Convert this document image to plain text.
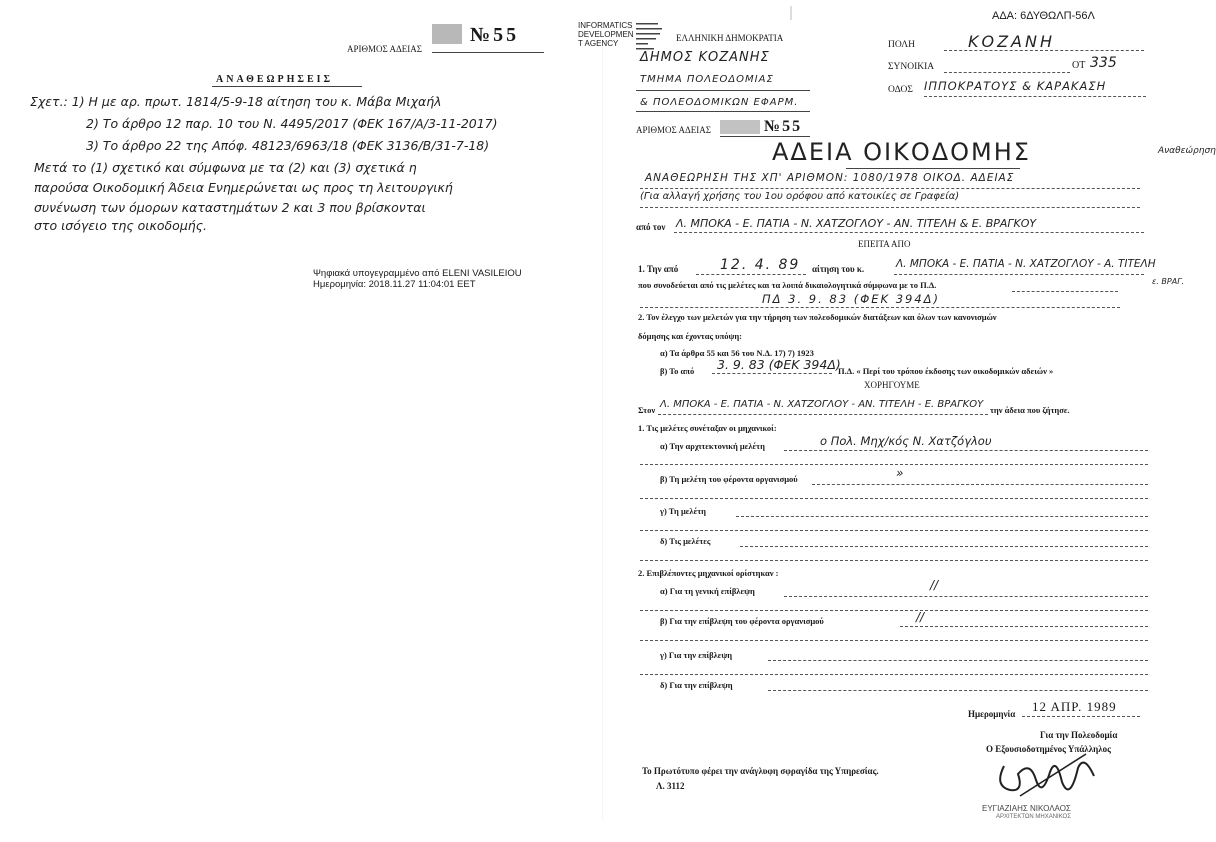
ΑΔΑ: 6ΔΥΘΩΛΠ-56Λ
ΑΡΙΘΜΟΣ ΑΔΕΙΑΣ
№55
ΑΝΑΘΕΩΡΗΣΕΙΣ
Σχετ.: 1) Η με αρ. πρωτ. 1814/5-9-18 αίτηση του κ. Μάβα Μιχαήλ
2) Το άρθρο 12 παρ. 10 του Ν. 4495/2017 (ΦΕΚ 167/Α/3-11-2017)
3) Το άρθρο 22 της Απόφ. 48123/6963/18 (ΦΕΚ 3136/Β/31-7-18)
Μετά το (1) σχετικό και σύμφωνα με τα (2) και (3) σχετικά η
παρούσα Οικοδομική Άδεια Ενημερώνεται ως προς τη λειτουργική
συνένωση των όμορων καταστημάτων 2 και 3 που βρίσκονται
στο ισόγειο της οικοδομής.
Ψηφιακά υπογεγραμμένο από ELENI VASILEIOU
Ημερομηνία: 2018.11.27 11:04:01 EET
INFORMATICS
DEVELOPMEN
T AGENCY
ΕΛΛΗΝΙΚΗ ΔΗΜΟΚΡΑΤΙΑ
ΔΗΜΟΣ ΚΟΖΑΝΗΣ
ΤΜΗΜΑ ΠΟΛΕΟΔΟΜΙΑΣ
& ΠΟΛΕΟΔΟΜΙΚΩΝ ΕΦΑΡΜ.
ΠΟΛΗ	ΚΟΖΑΝΗ
ΣΥΝΟΙΚΙΑ	ΟΤ 335
ΟΔΟΣ ΙΠΠΟΚΡΑΤΟΥΣ & ΚΑΡΑΚΑΣΗ
ΑΡΙΘΜΟΣ ΑΔΕΙΑΣ	№55
ΑΔΕΙΑ ΟΙΚΟΔΟΜΗΣ	Αναθεώρηση
ΑΝΑΘΕΩΡΗΣΗ ΤΗΣ ΧΠ' ΑΡΙΘΜΟΝ: 1080/1978 ΟΙΚΟΔ. ΑΔΕΙΑΣ
(Για αλλαγή χρήσης του 1ου ορόφου από κατοικίες σε Γραφεία)
από τον Λ. ΜΠΟΚΑ - Ε. ΠΑΤΙΑ - Ν. ΧΑΤΖΟΓΛΟΥ - ΑΝ. ΤΙΤΕΛΗ & Ε. ΒΡΑΓΚΟΥ
ΕΠΕΙΤΑ ΑΠΟ
1. Την από	12. 4. 89 αίτηση του κ.	Λ. ΜΠΟΚΑ - Ε. ΠΑΤΙΑ - Ν. ΧΑΤΖΟΓΛΟΥ - Α. ΤΙΤΕΛΗ
που συνοδεύεται από τις μελέτες και τα λοιπά δικαιολογητικά σύμφωνα με το Π.Δ.	ε. ΒΡΑΓ.
ΠΔ 3. 9. 83 (ΦΕΚ 394Δ)
2. Τον έλεγχο των μελετών για την τήρηση των πολεοδομικών διατάξεων και όλων των κανονισμών
δόμησης και έχοντας υπόψη:
α) Τα άρθρα 55 και 56 του Ν.Δ. 17) 7) 1923
β) Το από 3. 9. 83 (ΦΕΚ 394Δ)
Π.Δ. « Περί του τρόπου έκδοσης των οικοδομικών αδειών »
ΧΟΡΗΓΟΥΜΕ
Στον Λ. ΜΠΟΚΑ - Ε. ΠΑΤΙΑ - Ν. ΧΑΤΖΟΓΛΟΥ - ΑΝ. ΤΙΤΕΛΗ - Ε. ΒΡΑΓΚΟΥ την άδεια που ζήτησε.
1. Τις μελέτες συνέταξαν οι μηχανικοί:
α) Την αρχιτεκτονική μελέτη	ο Πολ. Μηχ/κός Ν. Χατζόγλου
β) Τη μελέτη του φέροντα οργανισμού	»
γ) Τη μελέτη
δ) Τις μελέτες
2. Επιβλέποντες μηχανικοί ορίστηκαν :
α) Για τη γενική επίβλεψη	//
β) Για την επίβλεψη του φέροντα οργανισμού	//
γ) Για την επίβλεψη
δ) Για την επίβλεψη
Ημερομηνία 12 ΑΠΡ. 1989
Για την Πολεοδομία
Ο Εξουσιοδοτημένος Υπάλληλος
Το Πρωτότυπο φέρει την ανάγλυφη σφραγίδα της Υπηρεσίας.
Λ. 3112
ΕΥΓΙΑΖΙΑΗΣ ΝΙΚΟΛΑΟΣ
ΑΡΧΙΤΕΚΤΩΝ ΜΗΧΑΝΙΚΟΣ
